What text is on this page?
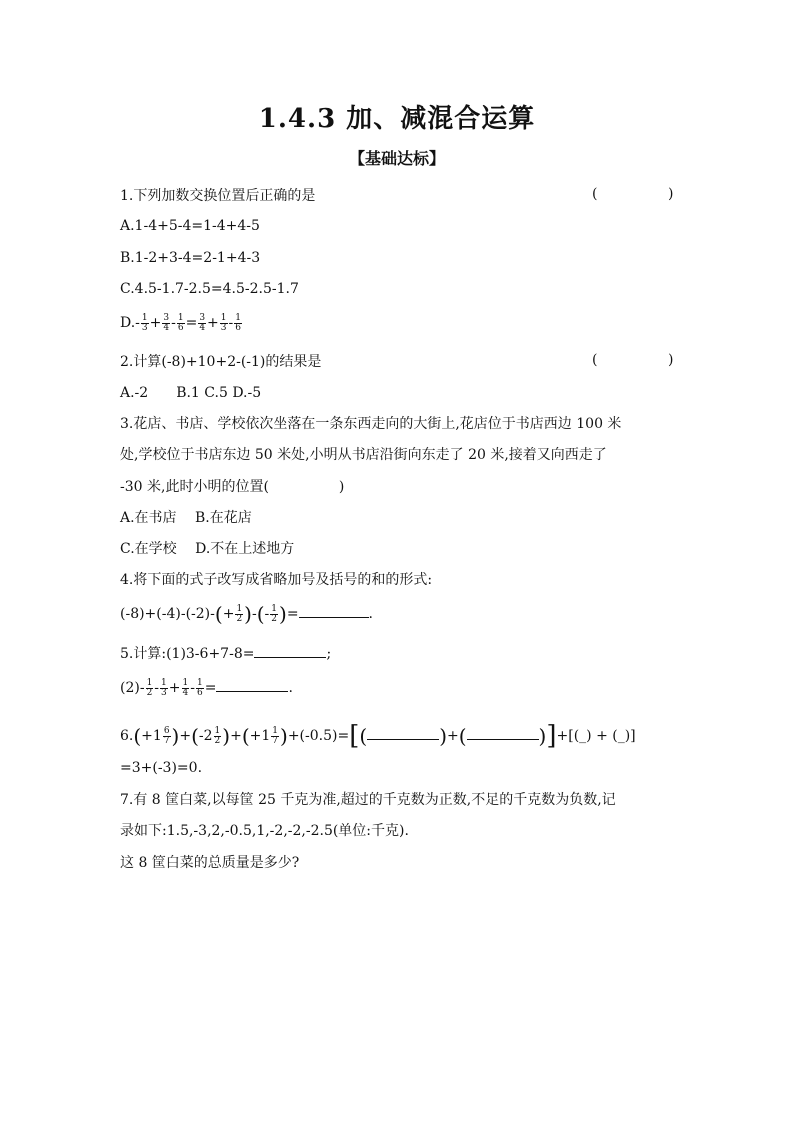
1.4.3 加、减混合运算
【基础达标】
1.下列加数交换位置后正确的是	(	)
A.1-4+5-4=1-4+4-5
B.1-2+3-4=2-1+4-3
C.4.5-1.7-2.5=4.5-2.5-1.7
$D.- \frac{1}{3} + \frac{3}{4} - \frac{1}{6} = \frac{3}{4} + \frac{1}{3} - \frac{1}{6}$
2.计算(-8)+10+2-(-1)的结果是	(	)
A.-2　　B.1 C.5 D.-5
3.花店、书店、学校依次坐落在一条东西走向的大街上,花店位于书店西边 100 米
处,学校位于书店东边 50 米处,小明从书店沿街向东走了 20 米,接着又向西走了
-30 米,此时小明的位置(	)
A.在书店　 B.在花店
C.在学校　 D.不在上述地方
4.将下面的式子改写成省略加号及括号的和的形式:
$(-8)+(-4)-(-2)-(+ \frac{1}{2}$ )-(- $\frac{1}{2}$ )=	.
5.计算:(1)3-6+7-8=	;
$(2)- \frac{1}{2} - \frac{1}{3} + \frac{1}{4} - \frac{1}{6}$ =	.
$6.(+1 \frac{6}{7} )+(-2 \frac{1}{2} )+(+1 \frac{1}{7} )+(-0.5)=$[(	)+(	)]+[(_) + (_)]
=3+(-3)=0.
7.有 8 筐白菜,以每筐 25 千克为准,超过的千克数为正数,不足的千克数为负数,记
录如下:1.5,-3,2,-0.5,1,-2,-2,-2.5(单位:千克).
这 8 筐白菜的总质量是多少?
